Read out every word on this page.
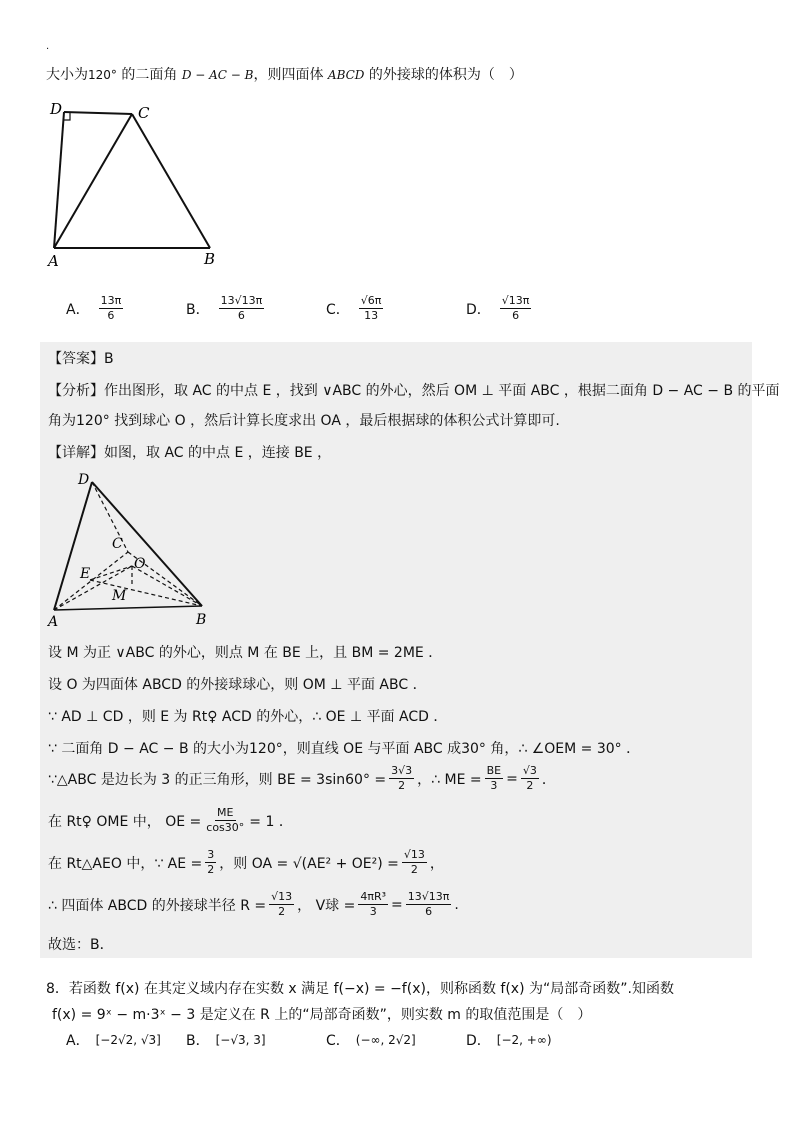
·
大小为120° 的二面角 D − AC − B，则四面体 ABCD 的外接球的体积为（　）
D	C
A	B
A． $\frac{13\pi}{6}$	B． $\frac{13√13\pi}{6}$	C． $\frac{√6\pi}{13}$	D． $\frac{√13\pi}{6}$
【答案】B
【分析】作出图形，取 AC 的中点 E ，找到 ∨ABC 的外心，然后 OM ⊥ 平面 ABC ，根据二面角 D − AC − B 的平面
角为120° 找到球心 O ，然后计算长度求出 OA ，最后根据球的体积公式计算即可.
【详解】如图，取 AC 的中点 E ，连接 BE ，
D
C
O
E
M
A	B
设 M 为正 ∨ABC 的外心，则点 M 在 BE 上，且 BM = 2ME ．
设 O 为四面体 ABCD 的外接球球心，则 OM ⊥ 平面 ABC ．
∵ AD ⊥ CD ，则 E 为 Rt♀ ACD 的外心，∴ OE ⊥ 平面 ACD ．
∵ 二面角 D − AC − B 的大小为120°，则直线 OE 与平面 ABC 成30° 角，∴ ∠OEM = 30° ．
∵△ABC 是边长为 3 的正三角形，则 BE = $3\sin 60^\circ = \frac{3√3}{2}$ ，∴ ME = $\frac{BE}{3} = \frac{√3}{2}$ ．
在 Rt♀ OME 中， OE = $\frac{ME}{\cos 30^\circ} = 1$ ．
在 Rt△AEO 中，∵ AE = $\frac{3}{2}$ ，则 OA = $√(AE^2 + OE^2) = \frac{√13}{2}$ ，
∴ 四面体 ABCD 的外接球半径 $R = \frac{√13}{2}$ ， V球 = $\frac{\text{4πR³}}{3} = \frac{13√13\pi}{6}$ .
故选：B．
8．若函数 f(x) 在其定义域内存在实数 x 满足 f(−x) = −f(x)，则称函数 f(x) 为“局部奇函数”.知函数
f(x) = 9ˣ − m·3ˣ − 3 是定义在 R 上的“局部奇函数”，则实数 m 的取值范围是（　）
A． [−2√2, √3] B． [−√3, 3]	C． (−∞, 2√2]	D． [−2, +∞)
